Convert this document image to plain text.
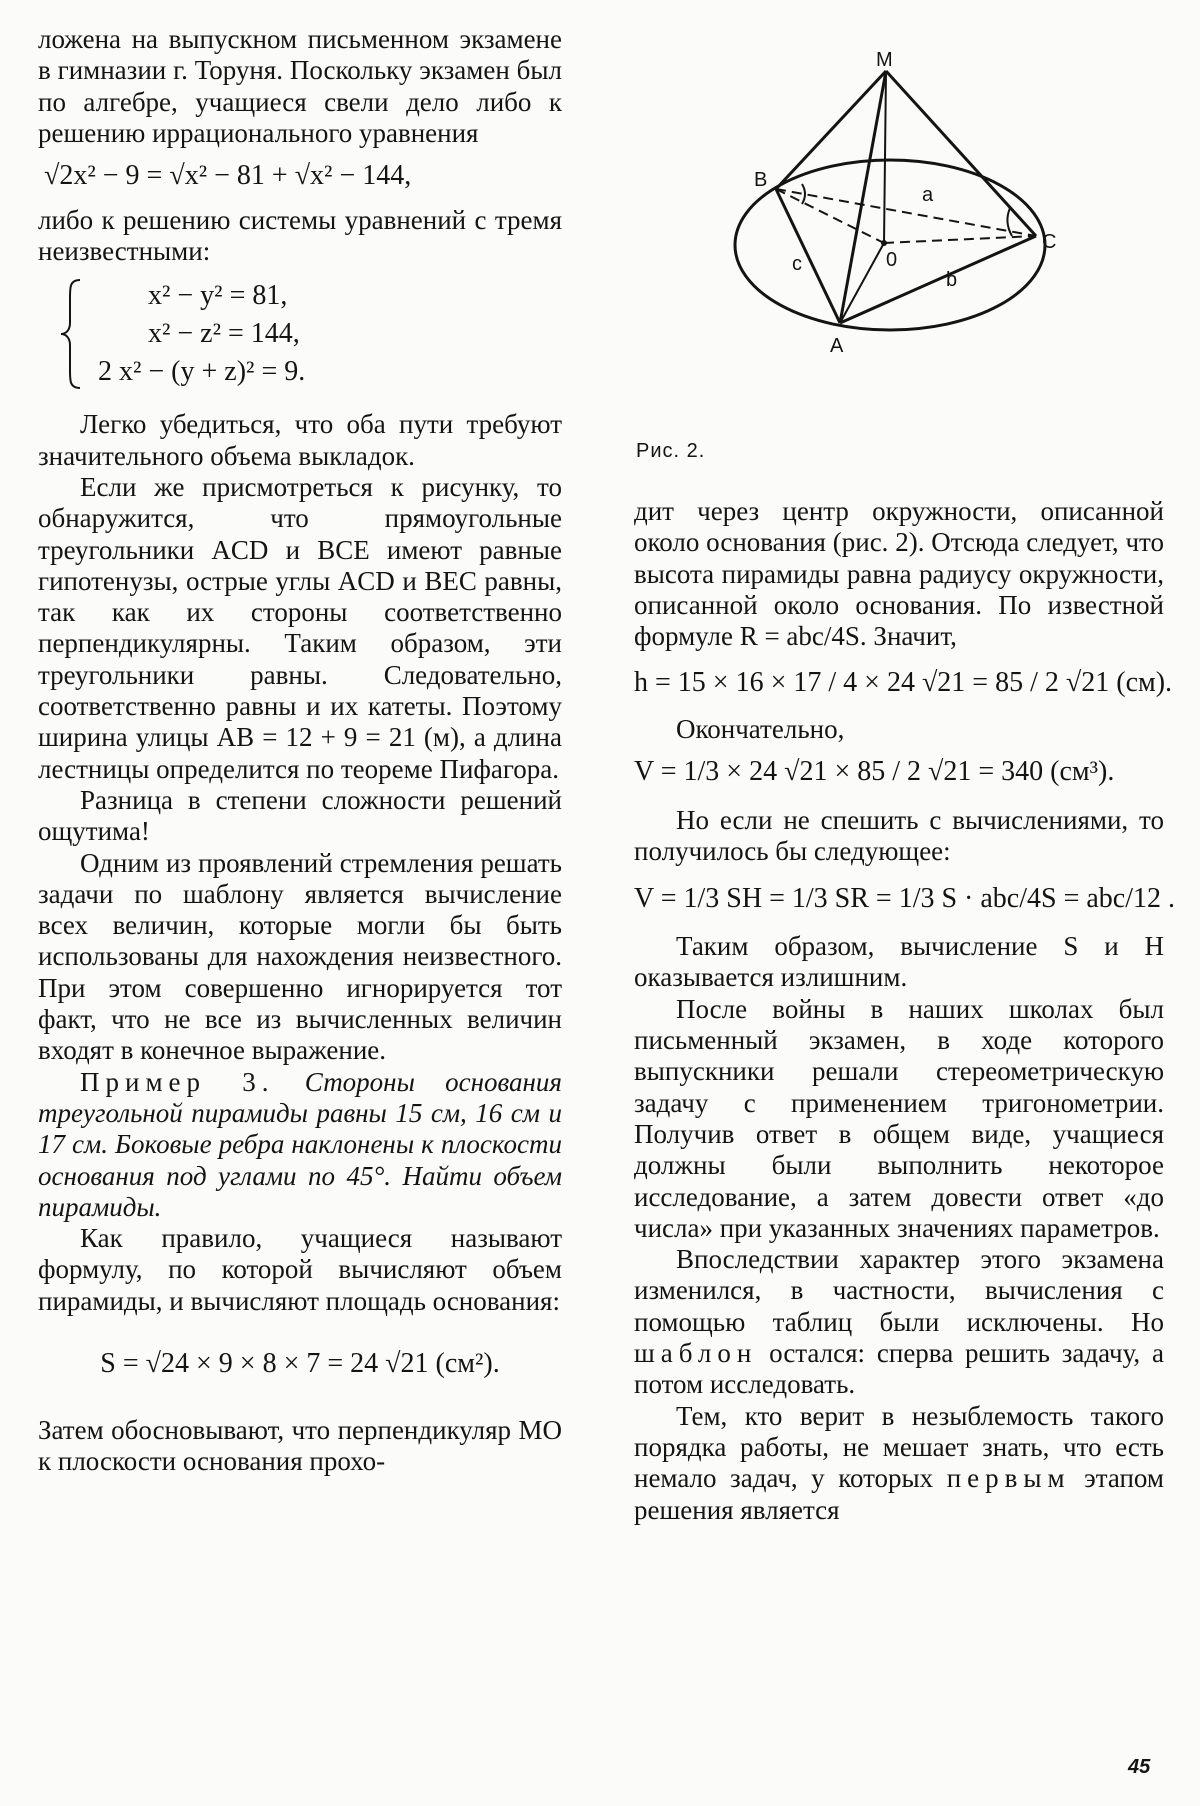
ложена на выпускном письменном экзамене в гимназии г. Торуня. Поскольку экзамен был по алгебре, учащиеся свели дело либо к решению иррационального уравнения

√2x² − 9 = √x² − 81 + √x² − 144,

либо к решению системы уравнений с тремя неизвестными:

x² − y² = 81,
x² − z² = 144,
2 x² − (y + z)² = 9.

Легко убедиться, что оба пути требуют значительного объема выкладок.

Если же присмотреться к рисунку, то обнаружится, что прямоугольные треугольники ACD и BCE имеют равные гипотенузы, острые углы ACD и BEC равны, так как их стороны соответственно перпендикулярны. Таким образом, эти треугольники равны. Следовательно, соответственно равны и их катеты. Поэтому ширина улицы AB = 12 + 9 = 21 (м), а длина лестницы определится по теореме Пифагора.

Разница в степени сложности решений ощутима!

Одним из проявлений стремления решать задачи по шаблону является вычисление всех величин, которые могли бы быть использованы для нахождения неизвестного. При этом совершенно игнорируется тот факт, что не все из вычисленных величин входят в конечное выражение.

Пример 3. Стороны основания треугольной пирамиды равны 15 см, 16 см и 17 см. Боковые ребра наклонены к плоскости основания под углами по 45°. Найти объем пирамиды.

Как правило, учащиеся называют формулу, по которой вычисляют объем пирамиды, и вычисляют площадь основания:

S = √24 × 9 × 8 × 7 = 24 √21 (см²).

Затем обосновывают, что перпендикуляр MO к плоскости основания прохо-

M
B
C
A
0
a
b
c
Рис. 2.

дит через центр окружности, описанной около основания (рис. 2). Отсюда следует, что высота пирамиды равна радиусу окружности, описанной около основания. По известной формуле R = abc/4S. Значит,

h = 15 × 16 × 17 / 4 × 24 √21 = 85 / 2 √21 (см).

Окончательно,

V = 1/3 × 24 √21 × 85 / 2 √21 = 340 (см³).

Но если не спешить с вычислениями, то получилось бы следующее:

V = 1/3 SH = 1/3 SR = 1/3 S · abc/4S = abc/12 .

Таким образом, вычисление S и H оказывается излишним.

После войны в наших школах был письменный экзамен, в ходе которого выпускники решали стереометрическую задачу с применением тригонометрии. Получив ответ в общем виде, учащиеся должны были выполнить некоторое исследование, а затем довести ответ «до числа» при указанных значениях параметров.

Впоследствии характер этого экзамена изменился, в частности, вычисления с помощью таблиц были исключены. Но шаблон остался: сперва решить задачу, а потом исследовать.

Тем, кто верит в незыблемость такого порядка работы, не мешает знать, что есть немало задач, у которых первым этапом решения является

45
